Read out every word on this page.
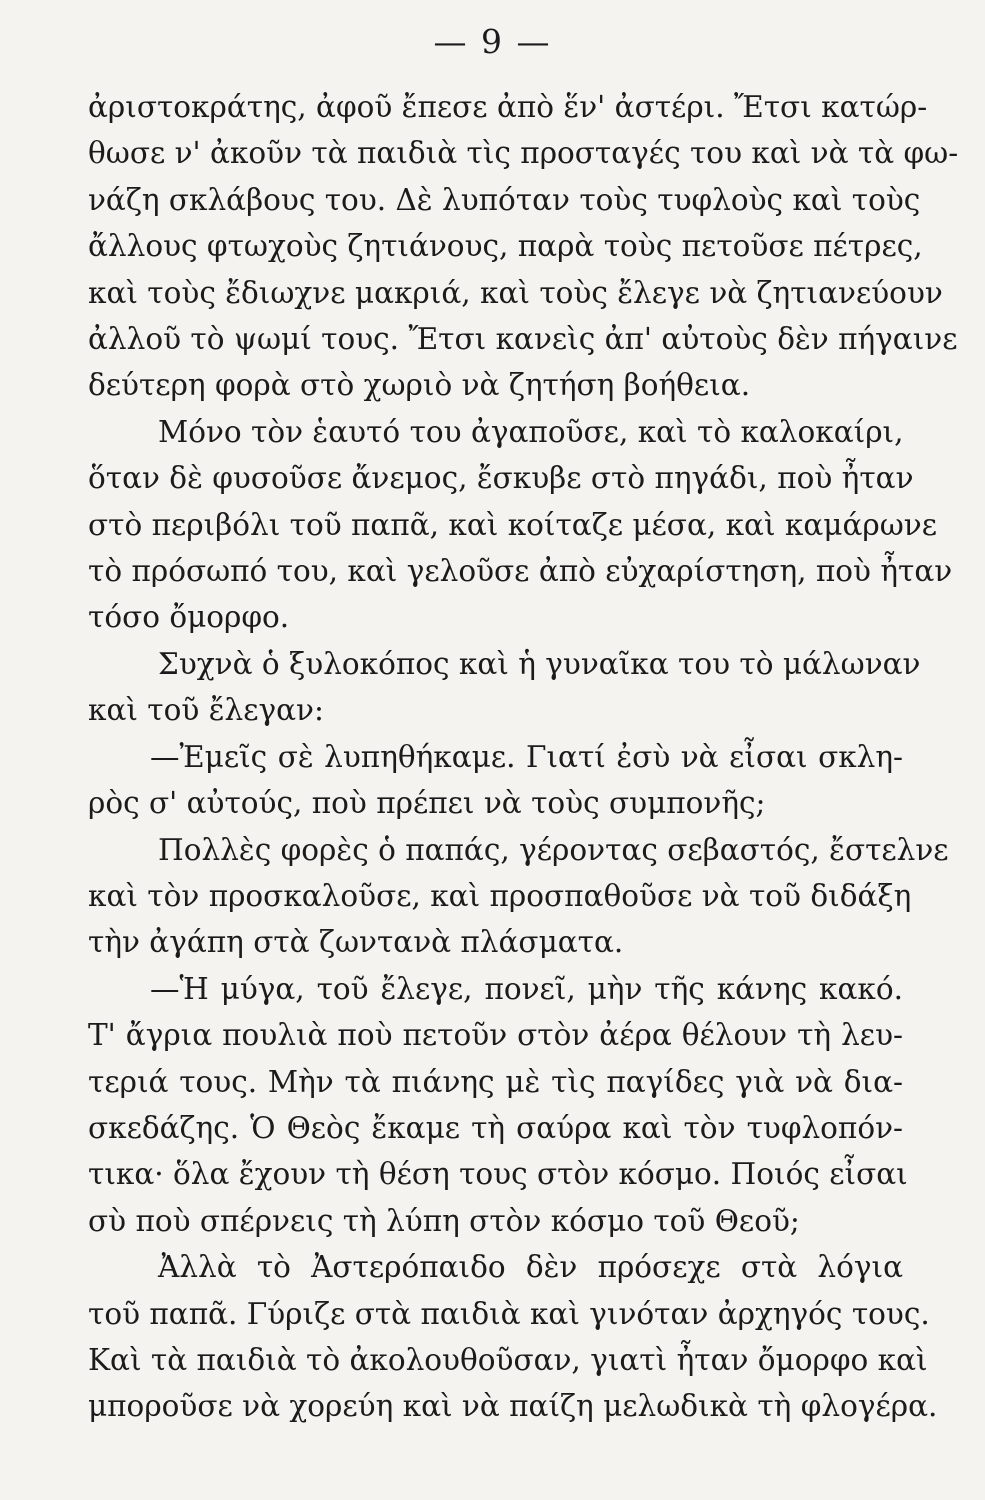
— 9 —

ἀριστοκράτης, ἀφοῦ ἔπεσε ἀπὸ ἕν' ἀστέρι. Ἔτσι κατώρ-
θωσε ν' ἀκοῦν τὰ παιδιὰ τὶς προσταγές του καὶ νὰ τὰ φω-
νάζη σκλάβους του. Δὲ λυπόταν τοὺς τυφλοὺς καὶ τοὺς
ἄλλους φτωχοὺς ζητιάνους, παρὰ τοὺς πετοῦσε πέτρες,
καὶ τοὺς ἔδιωχνε μακριά, καὶ τοὺς ἔλεγε νὰ ζητιανεύουν
ἀλλοῦ τὸ ψωμί τους. Ἔτσι κανεὶς ἀπ' αὐτοὺς δὲν πήγαινε
δεύτερη φορὰ στὸ χωριὸ νὰ ζητήση βοήθεια.

Μόνο τὸν ἑαυτό του ἀγαποῦσε, καὶ τὸ καλοκαίρι,
ὅταν δὲ φυσοῦσε ἄνεμος, ἔσκυβε στὸ πηγάδι, ποὺ ἦταν
στὸ περιβόλι τοῦ παπᾶ, καὶ κοίταζε μέσα, καὶ καμάρωνε
τὸ πρόσωπό του, καὶ γελοῦσε ἀπὸ εὐχαρίστηση, ποὺ ἦταν
τόσο ὄμορφο.

Συχνὰ ὁ ξυλοκόπος καὶ ἡ γυναῖκα του τὸ μάλωναν
καὶ τοῦ ἔλεγαν:

—Ἐμεῖς σὲ λυπηθήκαμε. Γιατί ἐσὺ νὰ εἶσαι σκλη-
ρὸς σ' αὐτούς, ποὺ πρέπει νὰ τοὺς συμπονῆς;

Πολλὲς φορὲς ὁ παπάς, γέροντας σεβαστός, ἔστελνε
καὶ τὸν προσκαλοῦσε, καὶ προσπαθοῦσε νὰ τοῦ διδάξη
τὴν ἀγάπη στὰ ζωντανὰ πλάσματα.

—Ἡ μύγα, τοῦ ἔλεγε, πονεῖ, μὴν τῆς κάνης κακό.
Τ' ἄγρια πουλιὰ ποὺ πετοῦν στὸν ἀέρα θέλουν τὴ λευ-
τεριά τους. Μὴν τὰ πιάνης μὲ τὶς παγίδες γιὰ νὰ δια-
σκεδάζης. Ὁ Θεὸς ἔκαμε τὴ σαύρα καὶ τὸν τυφλοπόν-
τικα· ὅλα ἔχουν τὴ θέση τους στὸν κόσμο. Ποιός εἶσαι
σὺ ποὺ σπέρνεις τὴ λύπη στὸν κόσμο τοῦ Θεοῦ;

Ἀλλὰ τὸ Ἀστερόπαιδο δὲν πρόσεχε στὰ λόγια
τοῦ παπᾶ. Γύριζε στὰ παιδιὰ καὶ γινόταν ἀρχηγός τους.
Καὶ τὰ παιδιὰ τὸ ἀκολουθοῦσαν, γιατὶ ἦταν ὄμορφο καὶ
μποροῦσε νὰ χορεύη καὶ νὰ παίζη μελωδικὰ τὴ φλογέρα.
